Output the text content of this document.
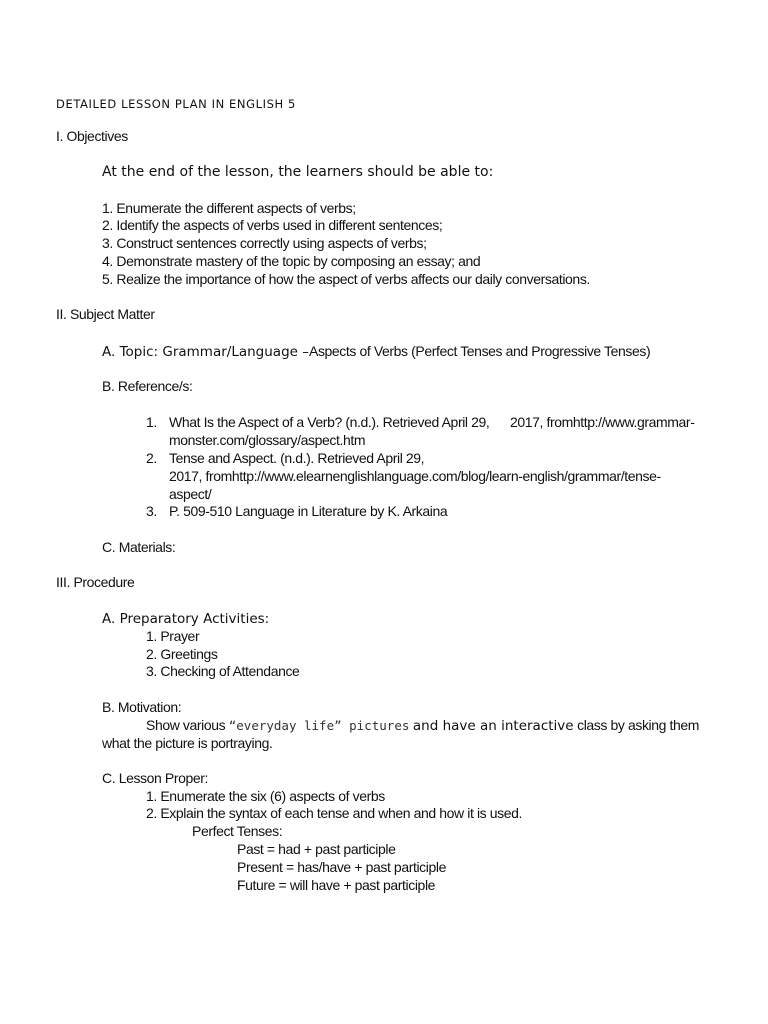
DETAILED LESSON PLAN IN ENGLISH 5
I. Objectives
At the end of the lesson, the learners should be able to:
1. Enumerate the different aspects of verbs;
2. Identify the aspects of verbs used in different sentences;
3. Construct sentences correctly using aspects of verbs;
4. Demonstrate mastery of the topic by composing an essay; and
5. Realize the importance of how the aspect of verbs affects our daily conversations.
II. Subject Matter
A. Topic: Grammar/Language –Aspects of Verbs (Perfect Tenses and Progressive Tenses)
B. Reference/s:
1. What Is the Aspect of a Verb? (n.d.). Retrieved April 29, 2017, fromhttp://www.grammar-
monster.com/glossary/aspect.htm
2. Tense and Aspect. (n.d.). Retrieved April 29,
2017, fromhttp://www.elearnenglishlanguage.com/blog/learn-english/grammar/tense-
aspect/
3. P. 509-510 Language in Literature by K. Arkaina
C. Materials:
III. Procedure
A. Preparatory Activities:
1. Prayer
2. Greetings
3. Checking of Attendance
B. Motivation:
Show various “everyday life” pictures and have an interactive class by asking them
what the picture is portraying.
C. Lesson Proper:
1. Enumerate the six (6) aspects of verbs
2. Explain the syntax of each tense and when and how it is used.
Perfect Tenses:
Past = had + past participle
Present = has/have + past participle
Future = will have + past participle
